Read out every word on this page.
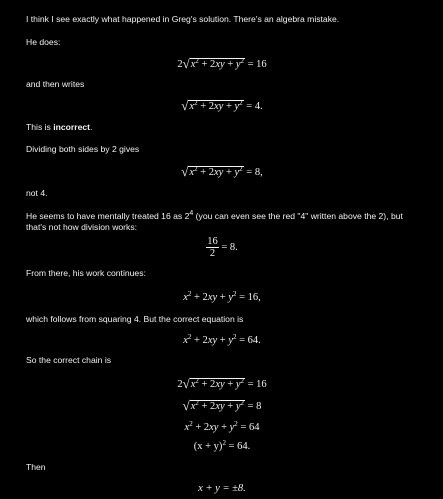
I think I see exactly what happened in Greg's solution. There's an algebra mistake.
He does:
$2√x^2 + 2xy + y^2 = 16$
and then writes
$√x^2 + 2xy + y^2 = 4$.
This is incorrect.
Dividing both sides by 2 gives
$√x^2 + 2xy + y^2 = 8$,
not 4.
He seems to have mentally treated 16 as $2^4$ (you can even see the red "4" written above the 2), but that's not how division works:
$\frac{16}{2} = 8$.
From there, his work continues:
$x^2 + 2xy + y^2 = 16$,
which follows from squaring 4. But the correct equation is
$x^2 + 2xy + y^2 = 64$.
So the correct chain is
$2√x^2 + 2xy + y^2 = 16$
$√x^2 + 2xy + y^2 = 8$
$x^2 + 2xy + y^2 = 64$
$(x + y)^2 = 64$.
Then
x + y = ±8.
